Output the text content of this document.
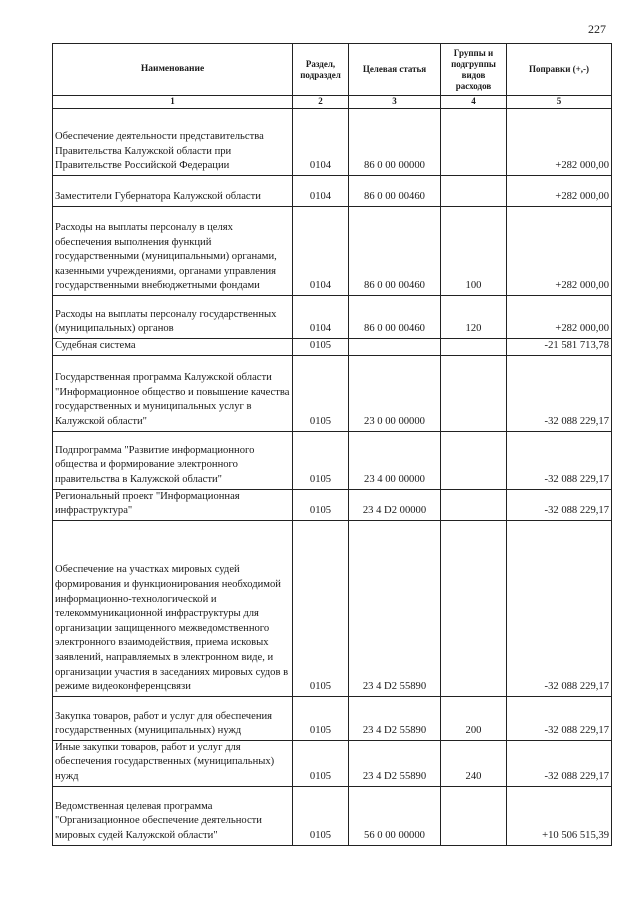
227
Наименование	Раздел, подраздел	Целевая статья	Группы и подгруппы видов расходов	Поправки (+,-)
1	2	3	4	5
Обеспечение деятельности представительства Правительства Калужской области при Правительстве Российской Федерации	0104	86 0 00 00000		+282 000,00
Заместители Губернатора Калужской области	0104	86 0 00 00460		+282 000,00
Расходы на выплаты персоналу в целях обеспечения выполнения функций государственными (муниципальными) органами, казенными учреждениями, органами управления государственными внебюджетными фондами	0104	86 0 00 00460	100	+282 000,00
Расходы на выплаты персоналу государственных (муниципальных) органов	0104	86 0 00 00460	120	+282 000,00
Судебная система	0105			-21 581 713,78
Государственная программа Калужской области "Информационное общество и повышение качества государственных и муниципальных услуг в Калужской области"	0105	23 0 00 00000		-32 088 229,17
Подпрограмма "Развитие информационного общества и формирование электронного правительства в Калужской области"	0105	23 4 00 00000		-32 088 229,17
Региональный проект "Информационная инфраструктура"	0105	23 4 D2 00000		-32 088 229,17
Обеспечение на участках мировых судей формирования и функционирования необходимой информационно-технологической и телекоммуникационной инфраструктуры для организации защищенного межведомственного электронного взаимодействия, приема исковых заявлений, направляемых в электронном виде, и организации участия в заседаниях мировых судов в режиме видеоконференцсвязи	0105	23 4 D2 55890		-32 088 229,17
Закупка товаров, работ и услуг для обеспечения государственных (муниципальных) нужд	0105	23 4 D2 55890	200	-32 088 229,17
Иные закупки товаров, работ и услуг для обеспечения государственных (муниципальных) нужд	0105	23 4 D2 55890	240	-32 088 229,17
Ведомственная целевая программа "Организационное обеспечение деятельности мировых судей Калужской области"	0105	56 0 00 00000		+10 506 515,39
